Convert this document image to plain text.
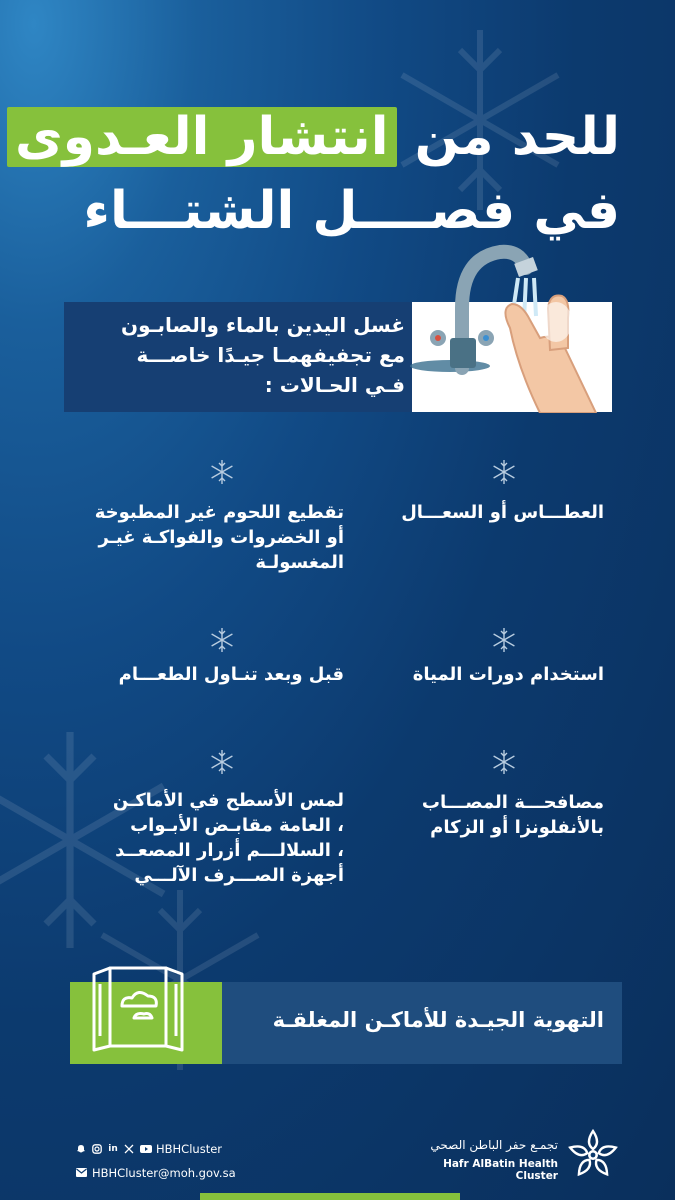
للحد من انتشار العـدوى
في فصــــل الشتـــاء
غسل اليدين بالماء والصابـون
مع تجفيفهمـا جيـدًا خاصـــة
فـي الحـالات :
العطـــاس أو السعـــال
تقطيع اللحوم غير المطبوخة
أو الخضروات والفواكـة غيـر
المغسولـة
استخدام دورات المياة
قبل وبعد تنـاول الطعـــام
مصافحـــة المصـــاب
بالأنفلونزا أو الزكام
لمس الأسطح في الأماكـن
، العامة مقابـض الأبـواب
، السلالـــم أزرار المصعــد
أجهزة الصـــرف الآلـــي
التهوية الجيـدة للأماكـن المغلقـة
in	HBHCluster
HBHCluster@moh.gov.sa
تجمـع حفر الباطن الصحي
Hafr AlBatin Health Cluster
